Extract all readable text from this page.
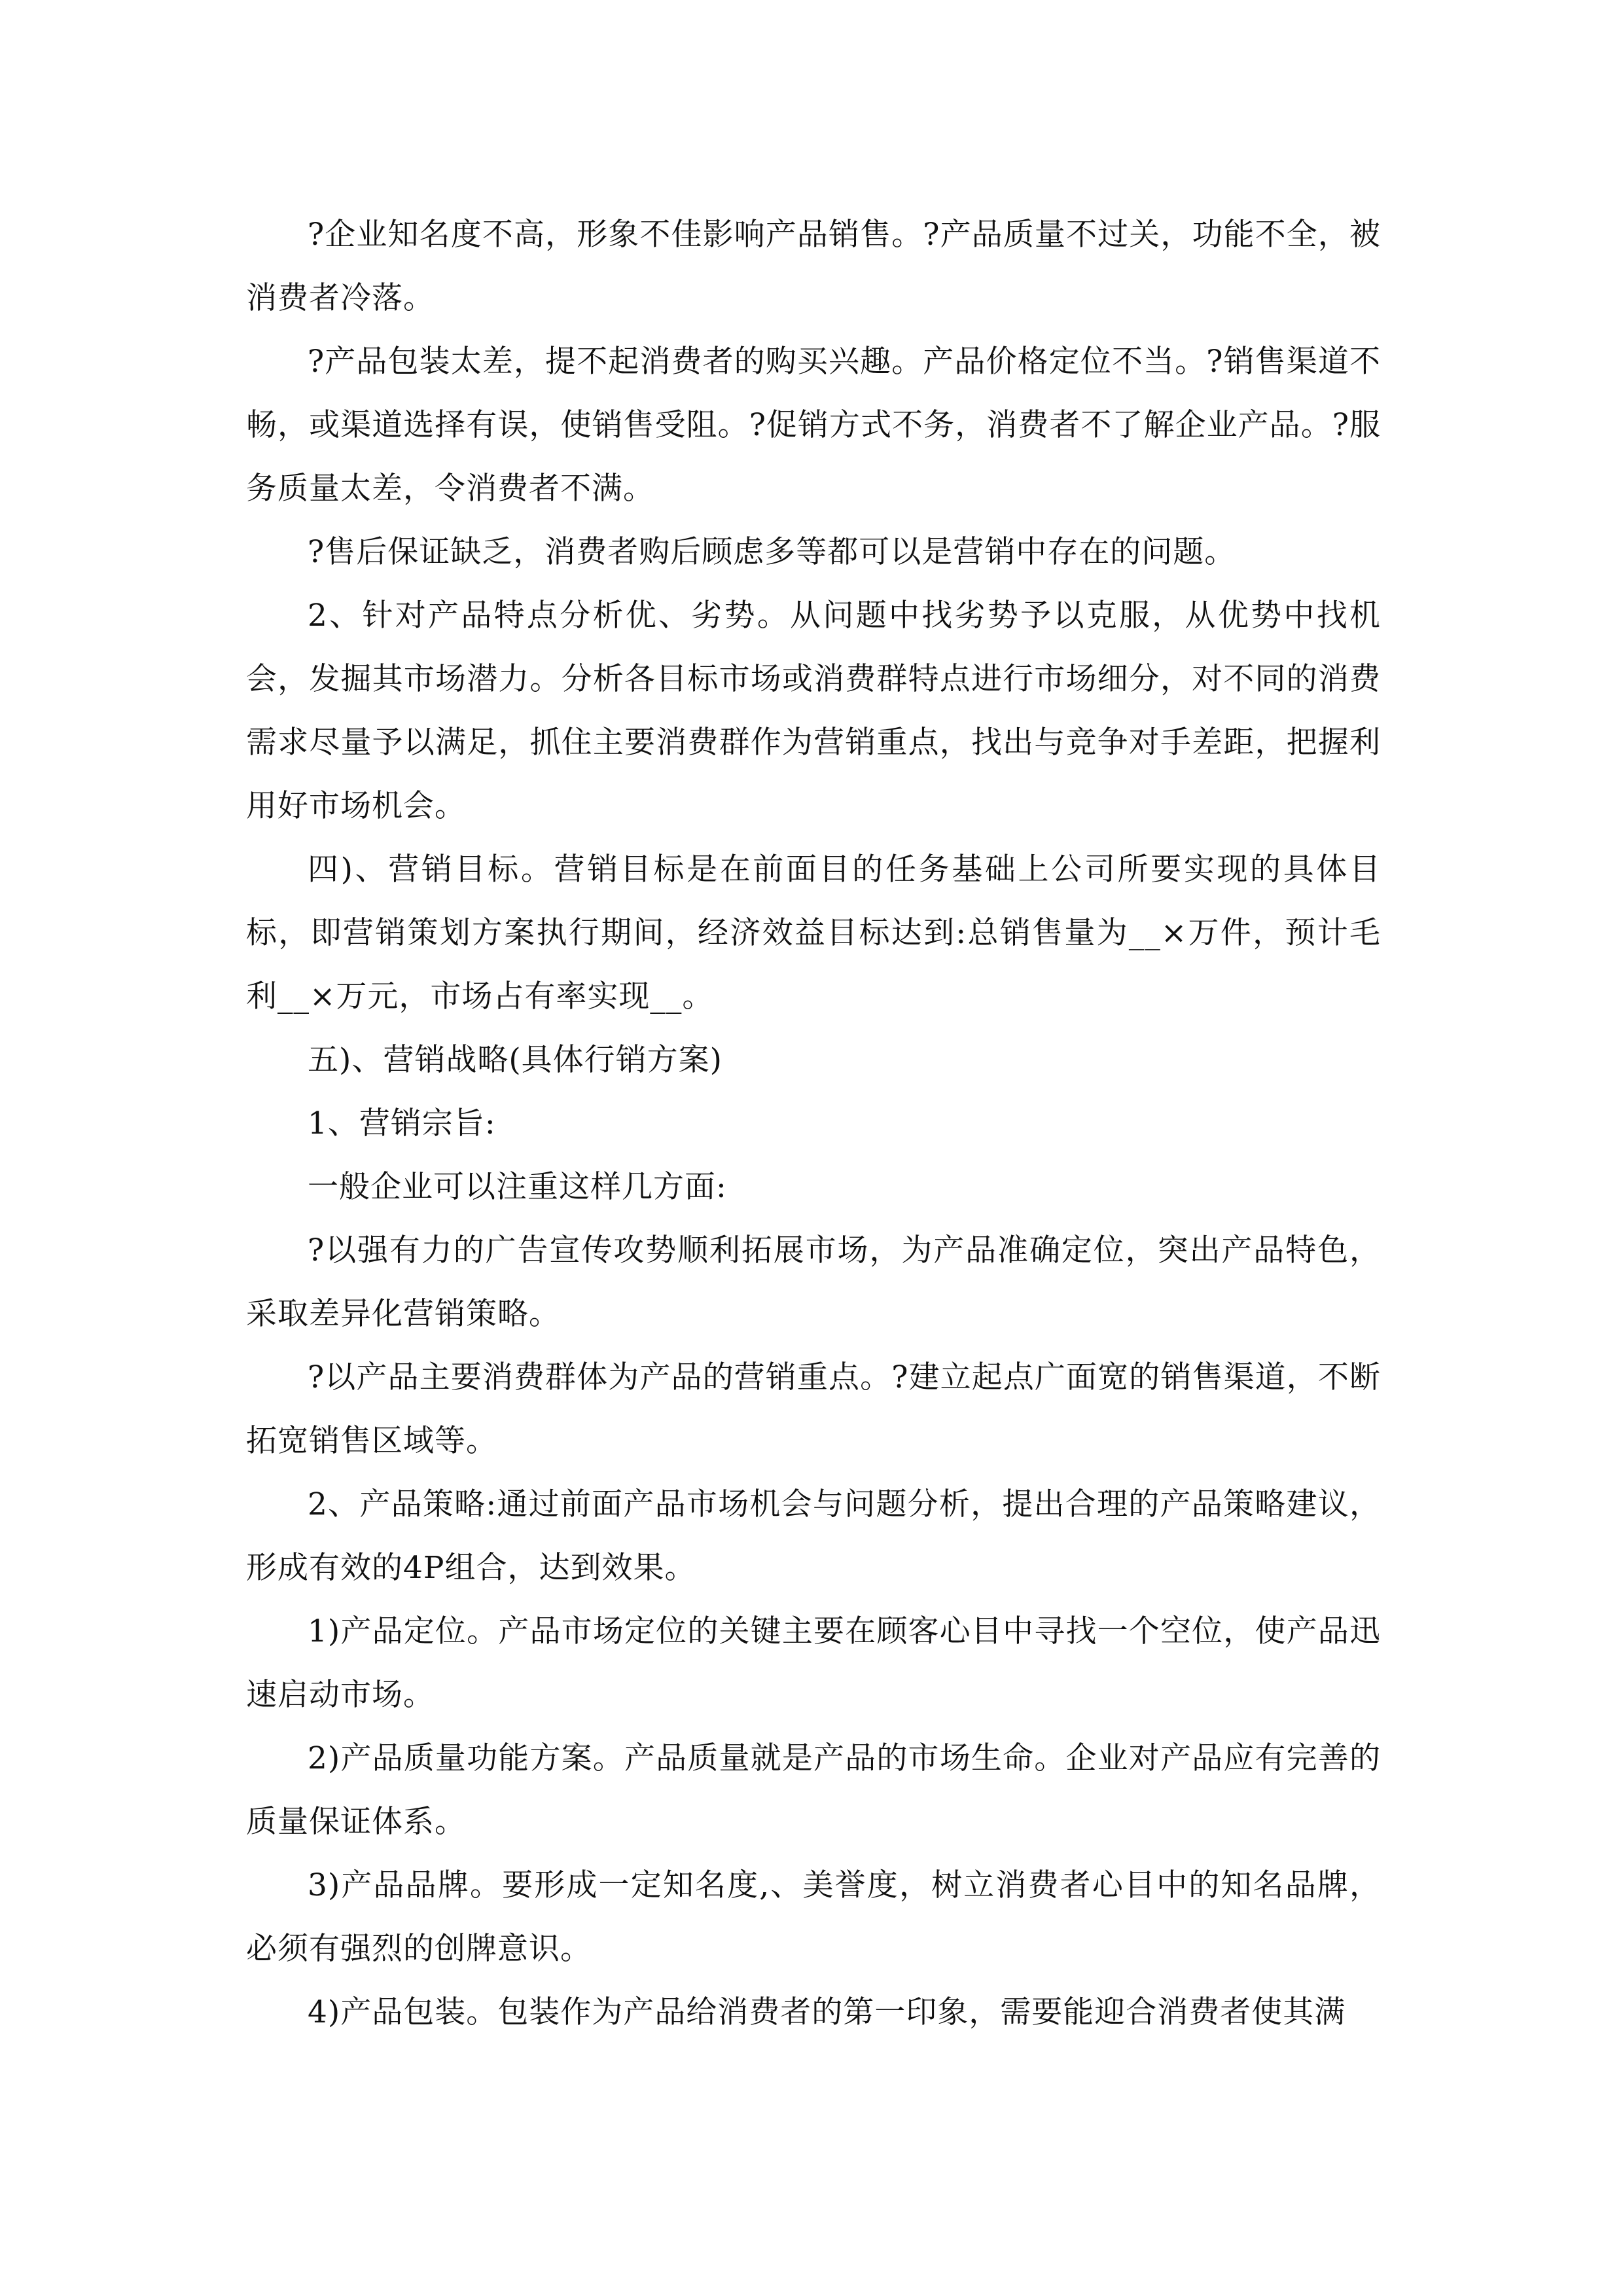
?企业知名度不高，形象不佳影响产品销售。?产品质量不过关，功能不全，被消费者冷落。

?产品包装太差，提不起消费者的购买兴趣。产品价格定位不当。?销售渠道不畅，或渠道选择有误，使销售受阻。?促销方式不务，消费者不了解企业产品。?服务质量太差，令消费者不满。

?售后保证缺乏，消费者购后顾虑多等都可以是营销中存在的问题。

2、针对产品特点分析优、劣势。从问题中找劣势予以克服，从优势中找机会，发掘其市场潜力。分析各目标市场或消费群特点进行市场细分，对不同的消费需求尽量予以满足，抓住主要消费群作为营销重点，找出与竞争对手差距，把握利用好市场机会。

四)、营销目标。营销目标是在前面目的任务基础上公司所要实现的具体目标，即营销策划方案执行期间，经济效益目标达到:总销售量为__×万件，预计毛利__×万元，市场占有率实现__。

五)、营销战略(具体行销方案)

1、营销宗旨:

一般企业可以注重这样几方面:

?以强有力的广告宣传攻势顺利拓展市场，为产品准确定位，突出产品特色，采取差异化营销策略。

?以产品主要消费群体为产品的营销重点。?建立起点广面宽的销售渠道，不断拓宽销售区域等。

2、产品策略:通过前面产品市场机会与问题分析，提出合理的产品策略建议，形成有效的4P组合，达到效果。

1)产品定位。产品市场定位的关键主要在顾客心目中寻找一个空位，使产品迅速启动市场。

2)产品质量功能方案。产品质量就是产品的市场生命。企业对产品应有完善的质量保证体系。

3)产品品牌。要形成一定知名度,、美誉度，树立消费者心目中的知名品牌，必须有强烈的创牌意识。

4)产品包装。包装作为产品给消费者的第一印象，需要能迎合消费者使其满
